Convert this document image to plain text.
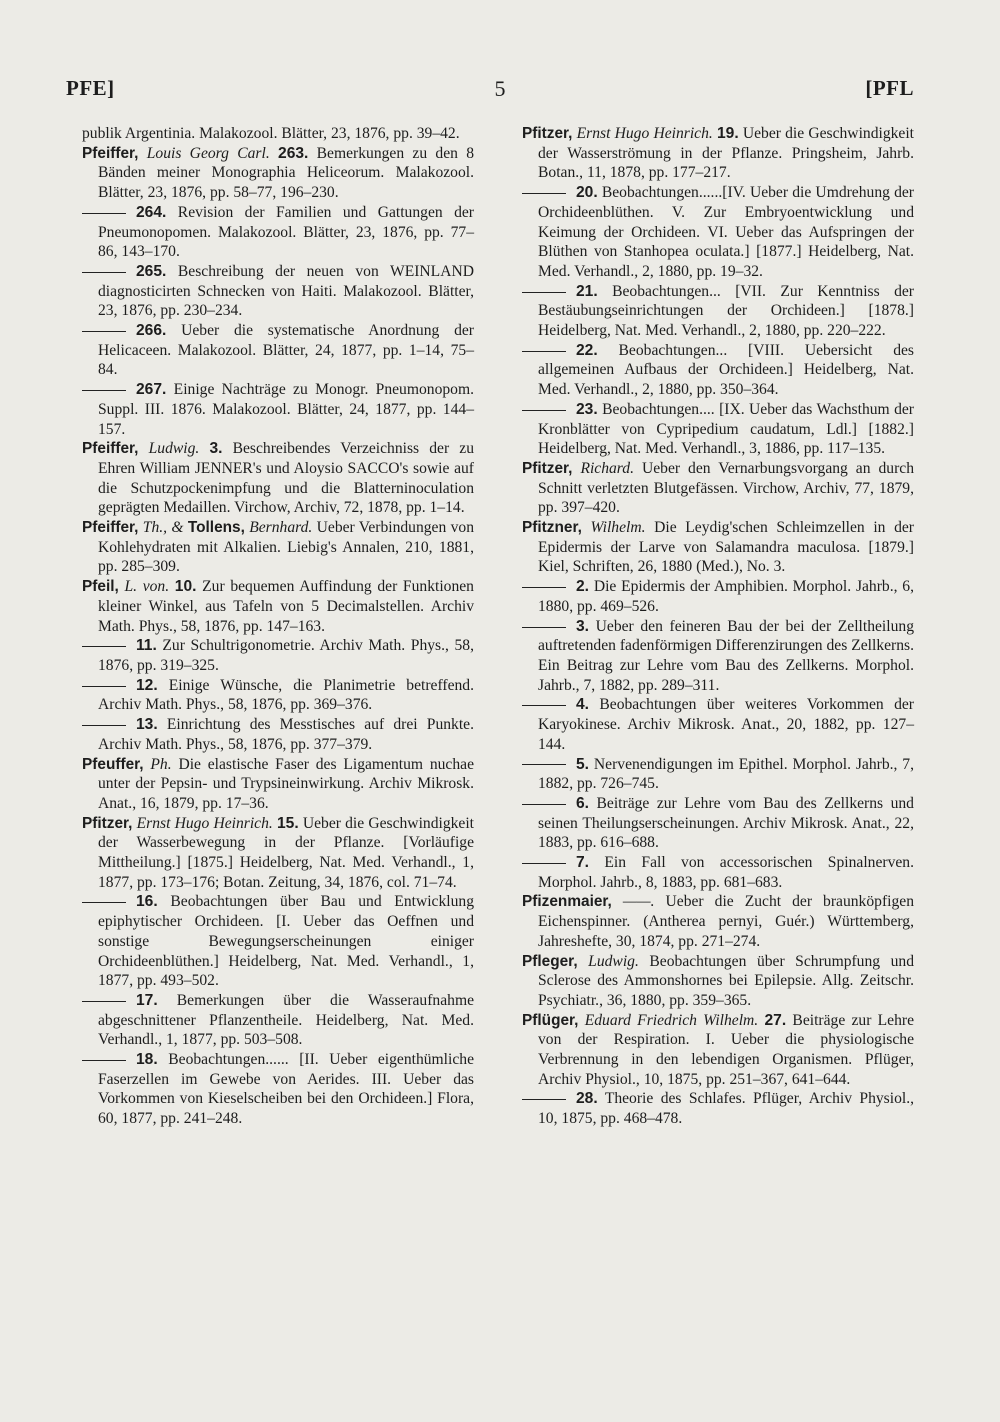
PFE]	5	[PFL

publik Argentinia. Malakozool. Blätter, 23, 1876, pp. 39–42.

Pfeiffer, Louis Georg Carl. 263. Bemerkungen zu den 8 Bänden meiner Monographia Heliceorum. Malakozool. Blätter, 23, 1876, pp. 58–77, 196–230.

264. Revision der Familien und Gattungen der Pneumonopomen. Malakozool. Blätter, 23, 1876, pp. 77–86, 143–170.

265. Beschreibung der neuen von WEINLAND diagnosticirten Schnecken von Haiti. Malakozool. Blätter, 23, 1876, pp. 230–234.

266. Ueber die systematische Anordnung der Helicaceen. Malakozool. Blätter, 24, 1877, pp. 1–14, 75–84.

267. Einige Nachträge zu Monogr. Pneumonopom. Suppl. III. 1876. Malakozool. Blätter, 24, 1877, pp. 144–157.

Pfeiffer, Ludwig. 3. Beschreibendes Verzeichniss der zu Ehren William JENNER's und Aloysio SACCO's sowie auf die Schutzpockenimpfung und die Blatterninoculation geprägten Medaillen. Virchow, Archiv, 72, 1878, pp. 1–14.

Pfeiffer, Th., & Tollens, Bernhard. Ueber Verbindungen von Kohlehydraten mit Alkalien. Liebig's Annalen, 210, 1881, pp. 285–309.

Pfeil, L. von. 10. Zur bequemen Auffindung der Funktionen kleiner Winkel, aus Tafeln von 5 Decimalstellen. Archiv Math. Phys., 58, 1876, pp. 147–163.

11. Zur Schultrigonometrie. Archiv Math. Phys., 58, 1876, pp. 319–325.

12. Einige Wünsche, die Planimetrie betreffend. Archiv Math. Phys., 58, 1876, pp. 369–376.

13. Einrichtung des Messtisches auf drei Punkte. Archiv Math. Phys., 58, 1876, pp. 377–379.

Pfeuffer, Ph. Die elastische Faser des Ligamentum nuchae unter der Pepsin- und Trypsineinwirkung. Archiv Mikrosk. Anat., 16, 1879, pp. 17–36.

Pfitzer, Ernst Hugo Heinrich. 15. Ueber die Geschwindigkeit der Wasserbewegung in der Pflanze. [Vorläufige Mittheilung.] [1875.] Heidelberg, Nat. Med. Verhandl., 1, 1877, pp. 173–176; Botan. Zeitung, 34, 1876, col. 71–74.

16. Beobachtungen über Bau und Entwicklung epiphytischer Orchideen. [I. Ueber das Oeffnen und sonstige Bewegungserscheinungen einiger Orchideenblüthen.] Heidelberg, Nat. Med. Verhandl., 1, 1877, pp. 493–502.

17. Bemerkungen über die Wasseraufnahme abgeschnittener Pflanzentheile. Heidelberg, Nat. Med. Verhandl., 1, 1877, pp. 503–508.

18. Beobachtungen...... [II. Ueber eigenthümliche Faserzellen im Gewebe von Aerides. III. Ueber das Vorkommen von Kieselscheiben bei den Orchideen.] Flora, 60, 1877, pp. 241–248.

Pfitzer, Ernst Hugo Heinrich. 19. Ueber die Geschwindigkeit der Wasserströmung in der Pflanze. Pringsheim, Jahrb. Botan., 11, 1878, pp. 177–217.

20. Beobachtungen......[IV. Ueber die Umdrehung der Orchideenblüthen. V. Zur Embryoentwicklung und Keimung der Orchideen. VI. Ueber das Aufspringen der Blüthen von Stanhopea oculata.] [1877.] Heidelberg, Nat. Med. Verhandl., 2, 1880, pp. 19–32.

21. Beobachtungen... [VII. Zur Kenntniss der Bestäubungseinrichtungen der Orchideen.] [1878.] Heidelberg, Nat. Med. Verhandl., 2, 1880, pp. 220–222.

22. Beobachtungen... [VIII. Uebersicht des allgemeinen Aufbaus der Orchideen.] Heidelberg, Nat. Med. Verhandl., 2, 1880, pp. 350–364.

23. Beobachtungen.... [IX. Ueber das Wachsthum der Kronblätter von Cypripedium caudatum, Ldl.] [1882.] Heidelberg, Nat. Med. Verhandl., 3, 1886, pp. 117–135.

Pfitzer, Richard. Ueber den Vernarbungsvorgang an durch Schnitt verletzten Blutgefässen. Virchow, Archiv, 77, 1879, pp. 397–420.

Pfitzner, Wilhelm. Die Leydig'schen Schleimzellen in der Epidermis der Larve von Salamandra maculosa. [1879.] Kiel, Schriften, 26, 1880 (Med.), No. 3.

2. Die Epidermis der Amphibien. Morphol. Jahrb., 6, 1880, pp. 469–526.

3. Ueber den feineren Bau der bei der Zelltheilung auftretenden fadenförmigen Differenzirungen des Zellkerns. Ein Beitrag zur Lehre vom Bau des Zellkerns. Morphol. Jahrb., 7, 1882, pp. 289–311.

4. Beobachtungen über weiteres Vorkommen der Karyokinese. Archiv Mikrosk. Anat., 20, 1882, pp. 127–144.

5. Nervenendigungen im Epithel. Morphol. Jahrb., 7, 1882, pp. 726–745.

6. Beiträge zur Lehre vom Bau des Zellkerns und seinen Theilungserscheinungen. Archiv Mikrosk. Anat., 22, 1883, pp. 616–688.

7. Ein Fall von accessorischen Spinalnerven. Morphol. Jahrb., 8, 1883, pp. 681–683.

Pfizenmaier, ——. Ueber die Zucht der braunköpfigen Eichenspinner. (Antherea pernyi, Guér.) Württemberg, Jahreshefte, 30, 1874, pp. 271–274.

Pfleger, Ludwig. Beobachtungen über Schrumpfung und Sclerose des Ammonshornes bei Epilepsie. Allg. Zeitschr. Psychiatr., 36, 1880, pp. 359–365.

Pflüger, Eduard Friedrich Wilhelm. 27. Beiträge zur Lehre von der Respiration. I. Ueber die physiologische Verbrennung in den lebendigen Organismen. Pflüger, Archiv Physiol., 10, 1875, pp. 251–367, 641–644.

28. Theorie des Schlafes. Pflüger, Archiv Physiol., 10, 1875, pp. 468–478.
